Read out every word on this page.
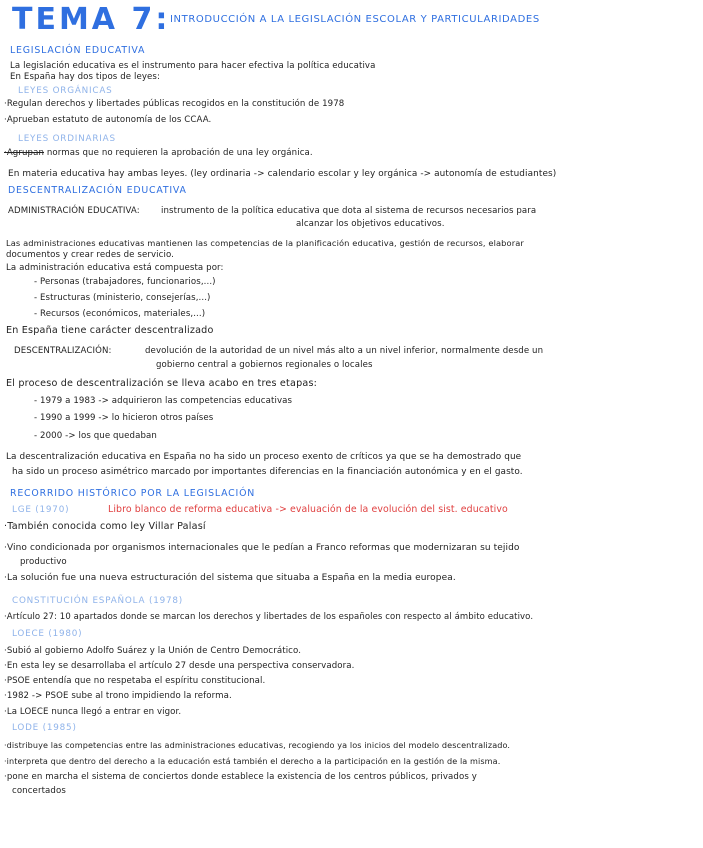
TEMA 7: INTRODUCCIÓN A LA LEGISLACIÓN ESCOLAR Y PARTICULARIDADES
LEGISLACIÓN EDUCATIVA
La legislación educativa es el instrumento para hacer efectiva la política educativa
En España hay dos tipos de leyes:
LEYES ORGÁNICAS
·Regulan derechos y libertades públicas recogidos en la constitución de 1978
·Aprueban estatuto de autonomía de los CCAA.
LEYES ORDINARIAS
·Agrupan normas que no requieren la aprobación de una ley orgánica.
En materia educativa hay ambas leyes. (ley ordinaria -> calendario escolar y ley orgánica -> autonomía de estudiantes)
DESCENTRALIZACIÓN EDUCATIVA
ADMINISTRACIÓN EDUCATIVA: instrumento de la política educativa que dota al sistema de recursos necesarios para
alcanzar los objetivos educativos.
Las administraciones educativas mantienen las competencias de la planificación educativa, gestión de recursos, elaborar
documentos y crear redes de servicio.
La administración educativa está compuesta por:
- Personas (trabajadores, funcionarios,...)
- Estructuras (ministerio, consejerías,...)
- Recursos (económicos, materiales,...)
En España tiene carácter descentralizado
DESCENTRALIZACIÓN:	devolución de la autoridad de un nivel más alto a un nivel inferior, normalmente desde un
gobierno central a gobiernos regionales o locales
El proceso de descentralización se lleva acabo en tres etapas:
- 1979 a 1983 -> adquirieron las competencias educativas
- 1990 a 1999 -> lo hicieron otros países
- 2000 -> los que quedaban
La descentralización educativa en España no ha sido un proceso exento de críticos ya que se ha demostrado que
ha sido un proceso asimétrico marcado por importantes diferencias en la financiación autonómica y en el gasto.
RECORRIDO HISTÓRICO POR LA LEGISLACIÓN
LGE (1970)	Libro blanco de reforma educativa -> evaluación de la evolución del sist. educativo
·También conocida como ley Villar Palasí
·Vino condicionada por organismos internacionales que le pedían a Franco reformas que modernizaran su tejido
productivo
·La solución fue una nueva estructuración del sistema que situaba a España en la media europea.
CONSTITUCIÓN ESPAÑOLA (1978)
·Artículo 27: 10 apartados donde se marcan los derechos y libertades de los españoles con respecto al ámbito educativo.
LOECE (1980)
·Subió al gobierno Adolfo Suárez y la Unión de Centro Democrático.
·En esta ley se desarrollaba el artículo 27 desde una perspectiva conservadora.
·PSOE entendía que no respetaba el espíritu constitucional.
·1982 -> PSOE sube al trono impidiendo la reforma.
·La LOECE nunca llegó a entrar en vigor.
LODE (1985)
·distribuye las competencias entre las administraciones educativas, recogiendo ya los inicios del modelo descentralizado.
·interpreta que dentro del derecho a la educación está también el derecho a la participación en la gestión de la misma.
·pone en marcha el sistema de conciertos donde establece la existencia de los centros públicos, privados y
concertados
